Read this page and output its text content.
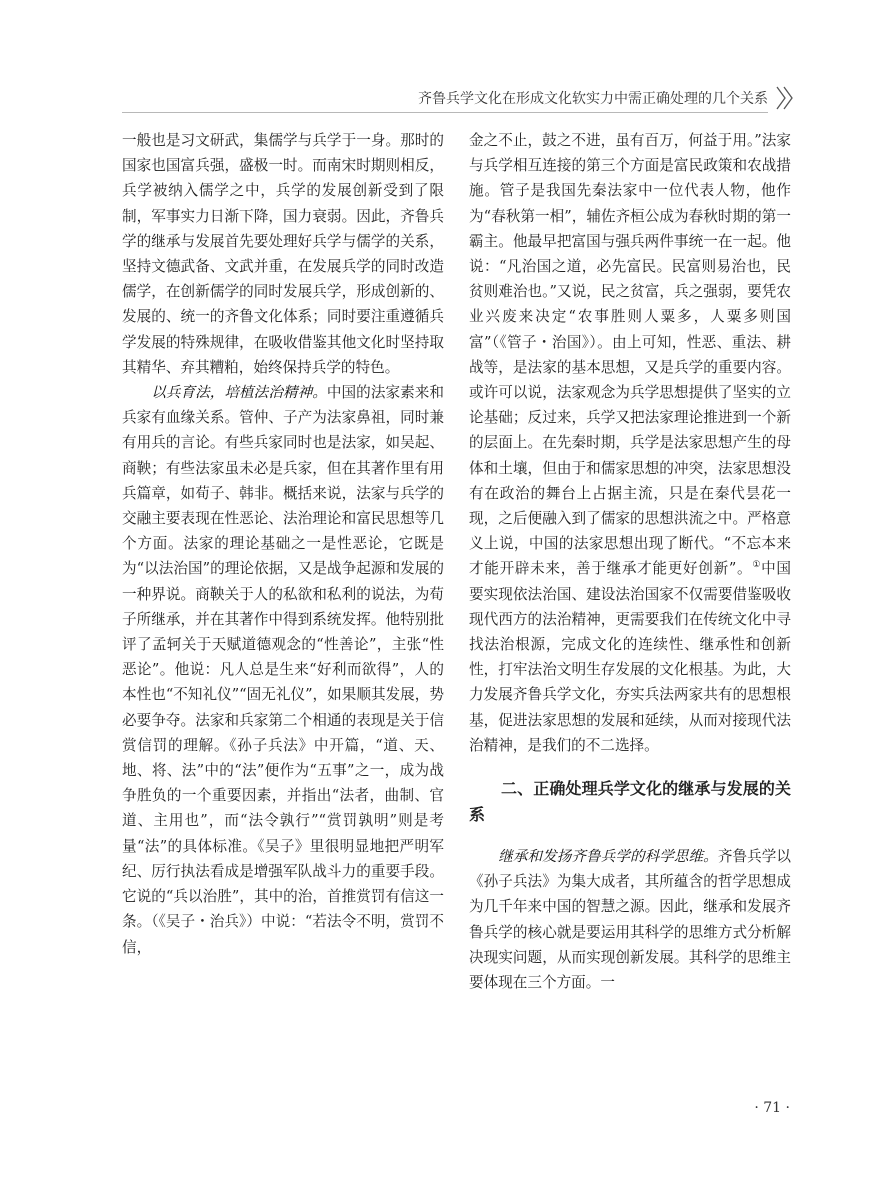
齐鲁兵学文化在形成文化软实力中需正确处理的几个关系

一般也是习文研武，集儒学与兵学于一身。那时的国家也国富兵强，盛极一时。而南宋时期则相反，兵学被纳入儒学之中，兵学的发展创新受到了限制，军事实力日渐下降，国力衰弱。因此，齐鲁兵学的继承与发展首先要处理好兵学与儒学的关系，坚持文德武备、文武并重，在发展兵学的同时改造儒学，在创新儒学的同时发展兵学，形成创新的、发展的、统一的齐鲁文化体系；同时要注重遵循兵学发展的特殊规律，在吸收借鉴其他文化时坚持取其精华、弃其糟粕，始终保持兵学的特色。

以兵育法，培植法治精神。中国的法家素来和兵家有血缘关系。管仲、子产为法家鼻祖，同时兼有用兵的言论。有些兵家同时也是法家，如吴起、商鞅；有些法家虽未必是兵家，但在其著作里有用兵篇章，如荀子、韩非。概括来说，法家与兵学的交融主要表现在性恶论、法治理论和富民思想等几个方面。法家的理论基础之一是性恶论，它既是为“以法治国”的理论依据，又是战争起源和发展的一种界说。商鞅关于人的私欲和私利的说法，为荀子所继承，并在其著作中得到系统发挥。他特别批评了孟轲关于天赋道德观念的“性善论”，主张“性恶论”。他说：凡人总是生来“好利而欲得”，人的本性也“不知礼仪”“固无礼仪”，如果顺其发展，势必要争夺。法家和兵家第二个相通的表现是关于信赏信罚的理解。《孙子兵法》中开篇，“道、天、地、将、法”中的“法”便作为“五事”之一，成为战争胜负的一个重要因素，并指出“法者，曲制、官道、主用也”，而“法令孰行”“赏罚孰明”则是考量“法”的具体标准。《吴子》里很明显地把严明军纪、厉行执法看成是增强军队战斗力的重要手段。它说的“兵以治胜”，其中的治，首推赏罚有信这一条。（《吴子・治兵》）中说：“若法令不明，赏罚不信，

金之不止，鼓之不进，虽有百万，何益于用。”法家与兵学相互连接的第三个方面是富民政策和农战措施。管子是我国先秦法家中一位代表人物，他作为“春秋第一相”，辅佐齐桓公成为春秋时期的第一霸主。他最早把富国与强兵两件事统一在一起。他说：“凡治国之道，必先富民。民富则易治也，民贫则难治也。”又说，民之贫富，兵之强弱，要凭农业兴废来决定“农事胜则人粟多，人粟多则国富”（《管子・治国》）。由上可知，性恶、重法、耕战等，是法家的基本思想，又是兵学的重要内容。或许可以说，法家观念为兵学思想提供了坚实的立论基础；反过来，兵学又把法家理论推进到一个新的层面上。在先秦时期，兵学是法家思想产生的母体和土壤，但由于和儒家思想的冲突，法家思想没有在政治的舞台上占据主流，只是在秦代昙花一现，之后便融入到了儒家的思想洪流之中。严格意义上说，中国的法家思想出现了断代。“不忘本来才能开辟未来，善于继承才能更好创新”。①中国要实现依法治国、建设法治国家不仅需要借鉴吸收现代西方的法治精神，更需要我们在传统文化中寻找法治根源，完成文化的连续性、继承性和创新性，打牢法治文明生存发展的文化根基。为此，大力发展齐鲁兵学文化，夯实兵法两家共有的思想根基，促进法家思想的发展和延续，从而对接现代法治精神，是我们的不二选择。

二、正确处理兵学文化的继承与发展的关系

继承和发扬齐鲁兵学的科学思维。齐鲁兵学以《孙子兵法》为集大成者，其所蕴含的哲学思想成为几千年来中国的智慧之源。因此，继承和发展齐鲁兵学的核心就是要运用其科学的思维方式分析解决现实问题，从而实现创新发展。其科学的思维主要体现在三个方面。一

· 71 ·
